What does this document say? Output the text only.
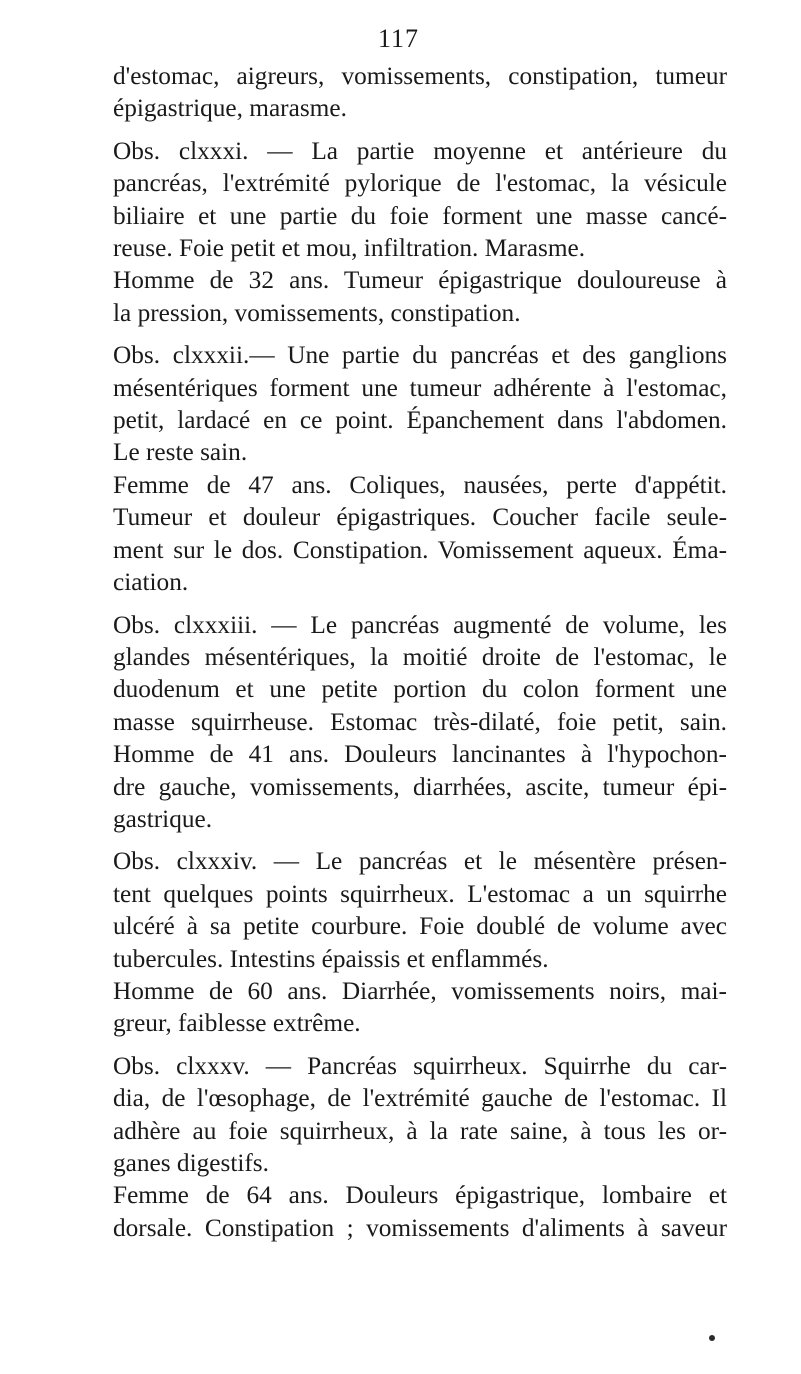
117
d'estomac, aigreurs, vomissements, constipation, tumeur
épigastrique, marasme.
Obs. clxxxi. — La partie moyenne et antérieure du
pancréas, l'extrémité pylorique de l'estomac, la vésicule
biliaire et une partie du foie forment une masse cancé-
reuse. Foie petit et mou, infiltration. Marasme.
Homme de 32 ans. Tumeur épigastrique douloureuse à
la pression, vomissements, constipation.
Obs. clxxxii.— Une partie du pancréas et des ganglions
mésentériques forment une tumeur adhérente à l'estomac,
petit, lardacé en ce point. Épanchement dans l'abdomen.
Le reste sain.
Femme de 47 ans. Coliques, nausées, perte d'appétit.
Tumeur et douleur épigastriques. Coucher facile seule-
ment sur le dos. Constipation. Vomissement aqueux. Éma-
ciation.
Obs. clxxxiii. — Le pancréas augmenté de volume, les
glandes mésentériques, la moitié droite de l'estomac, le
duodenum et une petite portion du colon forment une
masse squirrheuse. Estomac très-dilaté, foie petit, sain.
Homme de 41 ans. Douleurs lancinantes à l'hypochon-
dre gauche, vomissements, diarrhées, ascite, tumeur épi-
gastrique.
Obs. clxxxiv. — Le pancréas et le mésentère présen-
tent quelques points squirrheux. L'estomac a un squirrhe
ulcéré à sa petite courbure. Foie doublé de volume avec
tubercules. Intestins épaissis et enflammés.
Homme de 60 ans. Diarrhée, vomissements noirs, mai-
greur, faiblesse extrême.
Obs. clxxxv. — Pancréas squirrheux. Squirrhe du car-
dia, de l'œsophage, de l'extrémité gauche de l'estomac. Il
adhère au foie squirrheux, à la rate saine, à tous les or-
ganes digestifs.
Femme de 64 ans. Douleurs épigastrique, lombaire et
dorsale. Constipation ; vomissements d'aliments à saveur
